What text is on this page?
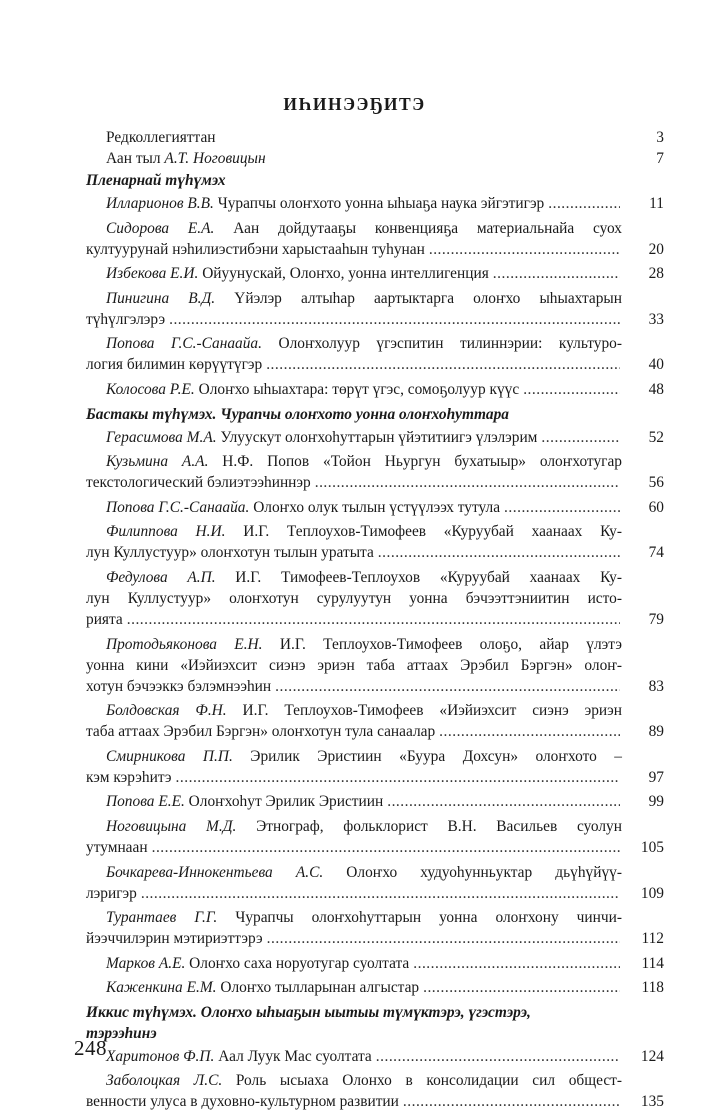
ИҺИНЭЭҔИТЭ
Редколлегияттан	3
Аан тыл А.Т. Ноговицын	7
Пленарнай түһүмэх
Илларионов В.В. Чурапчы олоҥхото уонна ыһыаҕа наука эйгэтигэр .....	11
Сидорова Е.А. Аан дойдутааҕы конвенцияҕа материальнайа суох
култуурунай нэһилиэстибэни харыстааһын туһунан .....	20
Избекова Е.И. Ойуунускай, Олоҥхо, уонна интеллигенция .....	28
Пинигина В.Д. Үйэлэр алтыһар аартыктарга олоҥхо ыһыахтарын
түһүлгэлэрэ .....	33
Попова Г.С.-Санаайа. Олоҥхолуур үгэспитин тилиннэрии: культуро-
логия билимин көрүүтүгэр .....	40
Колосова Р.Е. Олоҥхо ыһыахтара: төрүт үгэс, сомоҕолуур күүс .....	48
Бастакы түһүмэх. Чурапчы олоҥхото уонна олоҥхоһуттара
Герасимова М.А. Улуускут олоҥхоһуттарын үйэтитиигэ үлэлэрим .....	52
Кузьмина А.А. Н.Ф. Попов «Тойон Ньургун бухатыыр» олоҥхотугар
текстологический бэлиэтээһиннэр .....	56
Попова Г.С.-Санаайа. Олоҥхо олук тылын үстүүлээх тутула .....	60
Филиппова Н.И. И.Г. Теплоухов-Тимофеев «Куруубай хаанаах Ку-
лун Куллустуур» олоҥхотун тылын уратыта .....	74
Федулова А.П. И.Г. Тимофеев-Теплоухов «Куруубай хаанаах Ку-
лун Куллустуур» олоҥхотун сурулуутун уонна бэчээттэниитин исто-
рията .....	79
Протодьяконова Е.Н. И.Г. Теплоухов-Тимофеев олоҕо, айар үлэтэ
уонна кини «Иэйиэхсит сиэнэ эриэн таба аттаах Эрэбил Бэргэн» олоҥ-
хотун бэчээккэ бэлэмнээһин .....	83
Болдовская Ф.Н. И.Г. Теплоухов-Тимофеев «Иэйиэхсит сиэнэ эриэн
таба аттаах Эрэбил Бэргэн» олоҥхотун тула санаалар .....	89
Смирникова П.П. Эрилик Эристиин «Буура Дохсун» олоҥхото –
кэм кэрэһитэ .....	97
Попова Е.Е. Олоҥхоһут Эрилик Эристиин .....	99
Ноговицына М.Д. Этнограф, фольклорист В.Н. Васильев суолун
утумнаан .....	105
Бочкарева-Иннокентьева А.С. Олоҥхо худуоһунньуктар дьүһүйүү-
лэригэр .....	109
Турантаев Г.Г. Чурапчы олоҥхоһуттарын уонна олоҥхону чинчи-
йээччилэрин мэтириэттэрэ .....	112
Марков А.Е. Олоҥхо саха норуотугар суолтата .....	114
Каженкина Е.М. Олоҥхо тылларынан алгыстар .....	118
Иккис түһүмэх. Олоҥхо ыһыаҕын ыытыы түмүктэрэ, үгэстэрэ,
тэрээһинэ
Харитонов Ф.П. Аал Луук Мас суолтата .....	124
Заболоцкая Л.С. Роль ысыаха Олонхо в консолидации сил общест-
венности улуса в духовно-культурном развитии .....	135
248
